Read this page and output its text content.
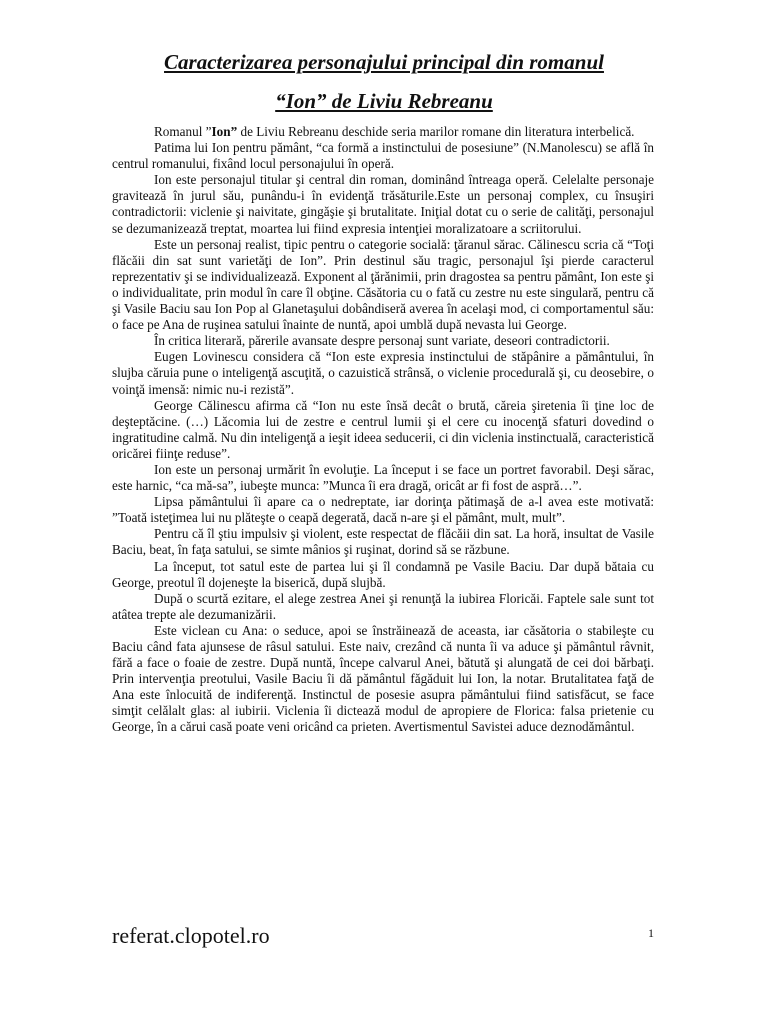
Caracterizarea personajului principal din romanul
“Ion” de Liviu Rebreanu

Romanul ”Ion” de Liviu Rebreanu deschide seria marilor romane din literatura interbelică.

Patima lui Ion pentru pământ, “ca formă a instinctului de posesiune” (N.Manolescu) se află în centrul romanului, fixând locul personajului în operă.

Ion este personajul titular şi central din roman, dominând întreaga operă. Celelalte personaje gravitează în jurul său, punându-i în evidenţă trăsăturile.Este un personaj complex, cu însuşiri contradictorii: viclenie şi naivitate, gingăşie şi brutalitate. Iniţial dotat cu o serie de calităţi, personajul se dezumanizează treptat, moartea lui fiind expresia intenţiei moralizatoare a scriitorului.

Este un personaj realist, tipic pentru o categorie socială: ţăranul sărac. Călinescu scria că “Toţi flăcăii din sat sunt varietăţi de Ion”. Prin destinul său tragic, personajul îşi pierde caracterul reprezentativ şi se individualizează. Exponent al ţărănimii, prin dragostea sa pentru pământ, Ion este şi o individualitate, prin modul în care îl obţine. Căsătoria cu o fată cu zestre nu este singulară, pentru că şi Vasile Baciu sau Ion Pop al Glanetaşului dobândiseră averea în acelaşi mod, ci comportamentul său: o face pe Ana de ruşinea satului înainte de nuntă, apoi umblă după nevasta lui George.

În critica literară, părerile avansate despre personaj sunt variate, deseori contradictorii.

Eugen Lovinescu considera că “Ion este expresia instinctului de stăpânire a pământului, în slujba căruia pune o inteligenţă ascuţită, o cazuistică strânsă, o viclenie procedurală şi, cu deosebire, o voinţă imensă: nimic nu-i rezistă”.

George Călinescu afirma că “Ion nu este însă decât o brută, căreia şiretenia îi ţine loc de deşteptăcine. (…) Lăcomia lui de zestre e centrul lumii şi el cere cu inocenţă sfaturi dovedind o ingratitudine calmă. Nu din inteligenţă a ieşit ideea seducerii, ci din viclenia instinctuală, caracteristică oricărei fiinţe reduse”.

Ion este un personaj urmărit în evoluţie. La început i se face un portret favorabil. Deşi sărac, este harnic, “ca mă-sa”, iubeşte munca: ”Munca îi era dragă, oricât ar fi fost de aspră…”.

Lipsa pământului îi apare ca o nedreptate, iar dorinţa pătimaşă de a-l avea este motivată: ”Toată isteţimea lui nu plăteşte o ceapă degerată, dacă n-are şi el pământ, mult, mult”.

Pentru că îl ştiu impulsiv şi violent, este respectat de flăcăii din sat. La horă, insultat de Vasile Baciu, beat, în faţa satului, se simte mânios şi ruşinat, dorind să se răzbune.

La început, tot satul este de partea lui şi îl condamnă pe Vasile Baciu. Dar după bătaia cu George, preotul îl dojeneşte la biserică, după slujbă.

După o scurtă ezitare, el alege zestrea Anei şi renunţă la iubirea Floricăi. Faptele sale sunt tot atâtea trepte ale dezumanizării.

Este viclean cu Ana: o seduce, apoi se înstrăinează de aceasta, iar căsătoria o stabileşte cu Baciu când fata ajunsese de râsul satului. Este naiv, crezând că nunta îi va aduce şi pământul râvnit, fără a face o foaie de zestre. După nuntă, începe calvarul Anei, bătută şi alungată de cei doi bărbaţi. Prin intervenţia preotului, Vasile Baciu îi dă pământul făgăduit lui Ion, la notar. Brutalitatea faţă de Ana este înlocuită de indiferenţă. Instinctul de posesie asupra pământului fiind satisfăcut, se face simţit celălalt glas: al iubirii. Viclenia îi dictează modul de apropiere de Florica: falsa prietenie cu George, în a cărui casă poate veni oricând ca prieten. Avertismentul Savistei aduce deznodământul.

referat.clopotel.ro	1
